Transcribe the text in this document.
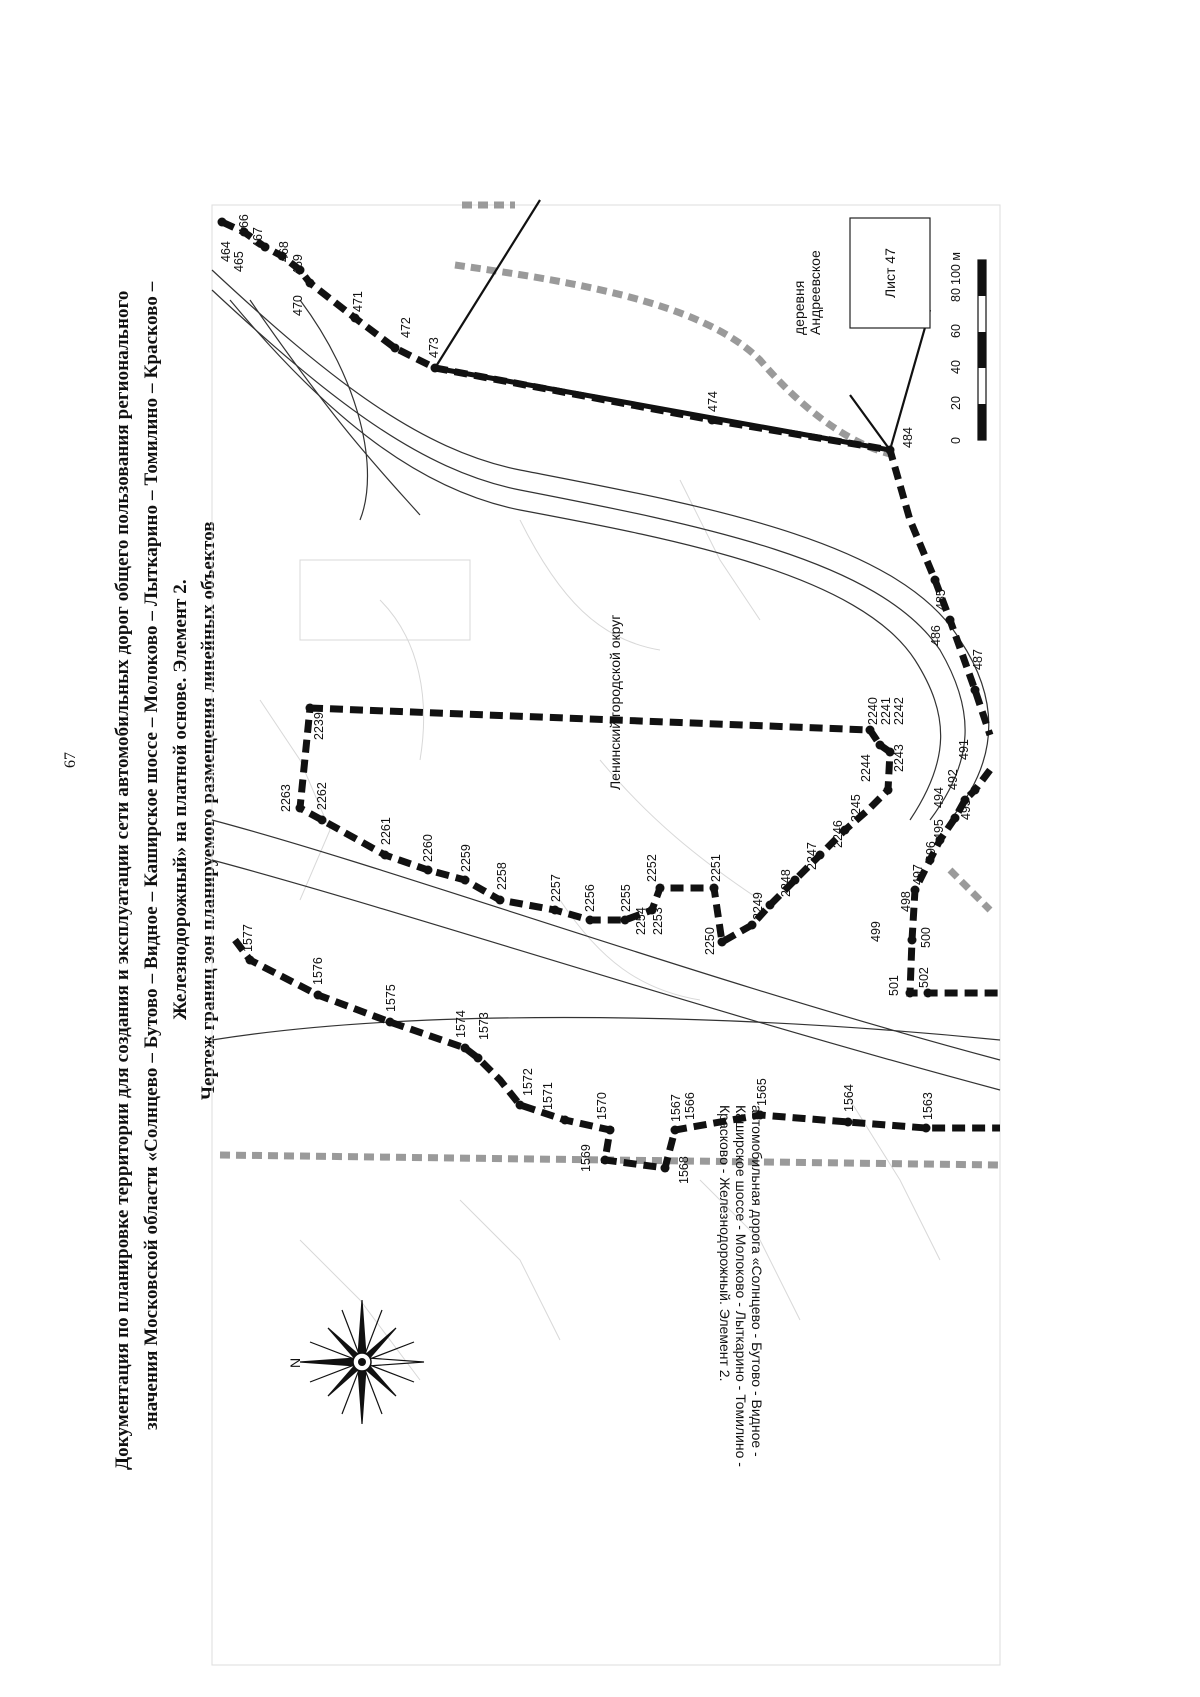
67 Документация по планировке территории для создания и эксплуатации сети автомобильных дорог общего пользования регионального значения Московской области «Солнцево – Бутово – Видное – Каширское шоссе – Молоково – Лыткарино – Томилино – Красково – Железнодорожный» на платной основе. Элемент 2. Чертеж границ зон планируемого размещения линейных объектов
464 465
466
467
468
469
470	471
472
473
474
484
485
486
487
491
492
493
494
495
496
497
498
499	500
501 502
2239
2240 2241 2242
2243
2244
2245
2246
2247
2248
2249
2250
2251
2252
2253
2254
2255
2256
2257
2258
2259
2260
2261
2262
2263
1563
1564
1565
1566
1567
1568
1569
1570
1571
1572
1573
1574
1575
1576
1577
Ленинский городской округ
деревня Андреевское
автомобильная дорога «Солнцево - Бутово - Видное -
Каширское шоссе - Молоково - Лыткарино - Томилино -
Красково - Железнодорожный. Элемент 2.
Лист 47
0
20
40
60
80
100 м
N
